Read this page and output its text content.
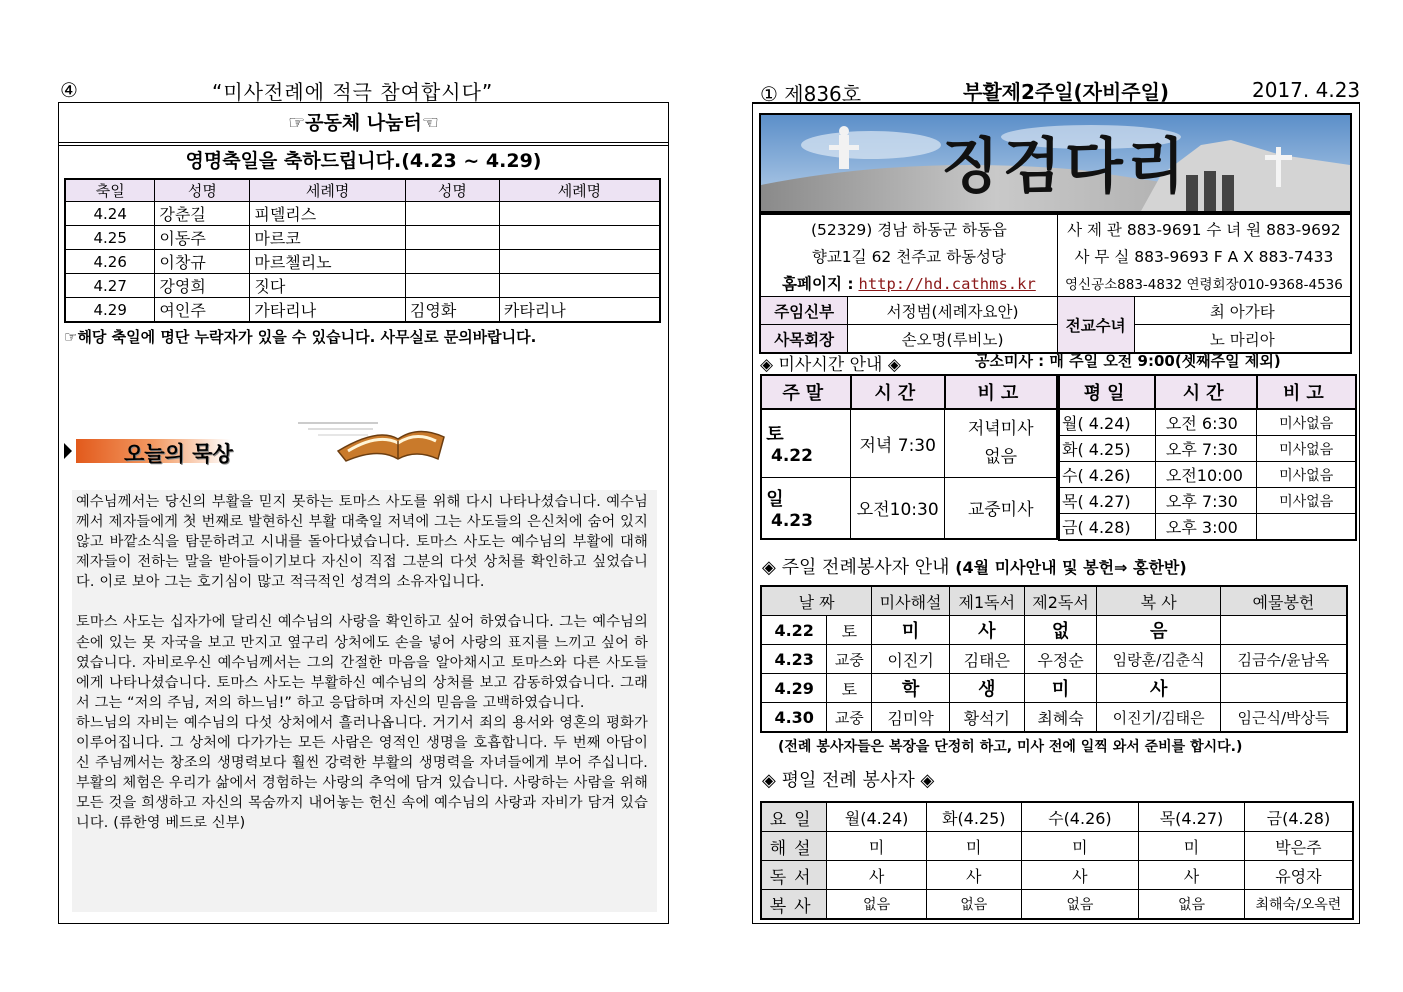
④	“미사전례에 적극 참여합시다”
☞공동체 나눔터☜
영명축일을 축하드립니다.(4.23 ~ 4.29)
축일	성명	세례명	성명	세례명
4.24	강춘길	피델리스		
4.25	이동주	마르코		
4.26	이창규	마르첼리노		
4.27	강영희	짓다		
4.29	여인주	가타리나	김영화	카타리나
☞해당 축일에 명단 누락자가 있을 수 있습니다. 사무실로 문의바랍니다.
오늘의 묵상

예수님께서는 당신의 부활을 믿지 못하는 토마스 사도를 위해 다시 나타나셨습니다. 예수님께서 제자들에게 첫 번째로 발현하신 부활 대축일 저녁에 그는 사도들의 은신처에 숨어 있지 않고 바깥소식을 탐문하려고 시내를 돌아다녔습니다. 토마스 사도는 예수님의 부활에 대해 제자들이 전하는 말을 받아들이기보다 자신이 직접 그분의 다섯 상처를 확인하고 싶었습니다. 이로 보아 그는 호기심이 많고 적극적인 성격의 소유자입니다.

토마스 사도는 십자가에 달리신 예수님의 사랑을 확인하고 싶어 하였습니다. 그는 예수님의 손에 있는 못 자국을 보고 만지고 옆구리 상처에도 손을 넣어 사랑의 표지를 느끼고 싶어 하였습니다. 자비로우신 예수님께서는 그의 간절한 마음을 알아채시고 토마스와 다른 사도들에게 나타나셨습니다. 토마스 사도는 부활하신 예수님의 상처를 보고 감동하였습니다. 그래서 그는 “저의 주님, 저의 하느님!” 하고 응답하며 자신의 믿음을 고백하였습니다.

하느님의 자비는 예수님의 다섯 상처에서 흘러나옵니다. 거기서 죄의 용서와 영혼의 평화가 이루어집니다. 그 상처에 다가가는 모든 사람은 영적인 생명을 호흡합니다. 두 번째 아담이신 주님께서는 창조의 생명력보다 훨씬 강력한 부활의 생명력을 자녀들에게 부어 주십니다. 부활의 체험은 우리가 삶에서 경험하는 사랑의 추억에 담겨 있습니다. 사랑하는 사람을 위해 모든 것을 희생하고 자신의 목숨까지 내어놓는 헌신 속에 예수님의 사랑과 자비가 담겨 있습니다. (류한영 베드로 신부)

① 제836호	부활제2주일(자비주일)	2017. 4.23
징검다리
(52329) 경남 하동군 하동읍		사 제 관 883-9691 수 녀 원 883-9692	
향교1길 62 천주교 하동성당		사 무 실 883-9693 F A X 883-7433	
홈페이지 : http://hd.cathms.kr		영신공소883-4832 연령회장010-9368-4536	
주임신부	서정범(세례자요안)	전교수녀	최 아가타
사목회장	손오명(루비노)		노 마리아
◈ 미사시간 안내 ◈	공소미사 : 매 주일 오전 9:00(셋째주일 제외)
주말	시간	비고
토 4.22	저녁 7:30	저녁미사 없음
일 4.23	오전10:30	교중미사
평일	시간	비고
월( 4.24)	오전 6:30	미사없음
화( 4.25)	오후 7:30	미사없음
수( 4.26)	오전10:00	미사없음
목( 4.27)	오후 7:30	미사없음
금( 4.28)	오후 3:00	
◈ 주일 전례봉사자 안내 (4월 미사안내 및 봉헌⇒ 홍한반)
날 짜		미사해설	제1독서	제2독서	복 사	예물봉헌
4.22	토	미	사	없	음	
4.23	교중	이진기	김태은	우정순	임랑훈/김춘식	김금수/윤남옥
4.29	토	학	생	미	사	
4.30	교중	김미악	황석기	최혜숙	이진기/김태은	임근식/박상득
(전례 봉사자들은 복장을 단정히 하고, 미사 전에 일찍 와서 준비를 합시다.)
◈ 평일 전례 봉사자 ◈
요일	월(4.24)	화(4.25)	수(4.26)	목(4.27)	금(4.28)
해설	미	미	미	미	박은주
독서	사	사	사	사	유영자
복사	없음	없음	없음	없음	최해숙/오옥련
